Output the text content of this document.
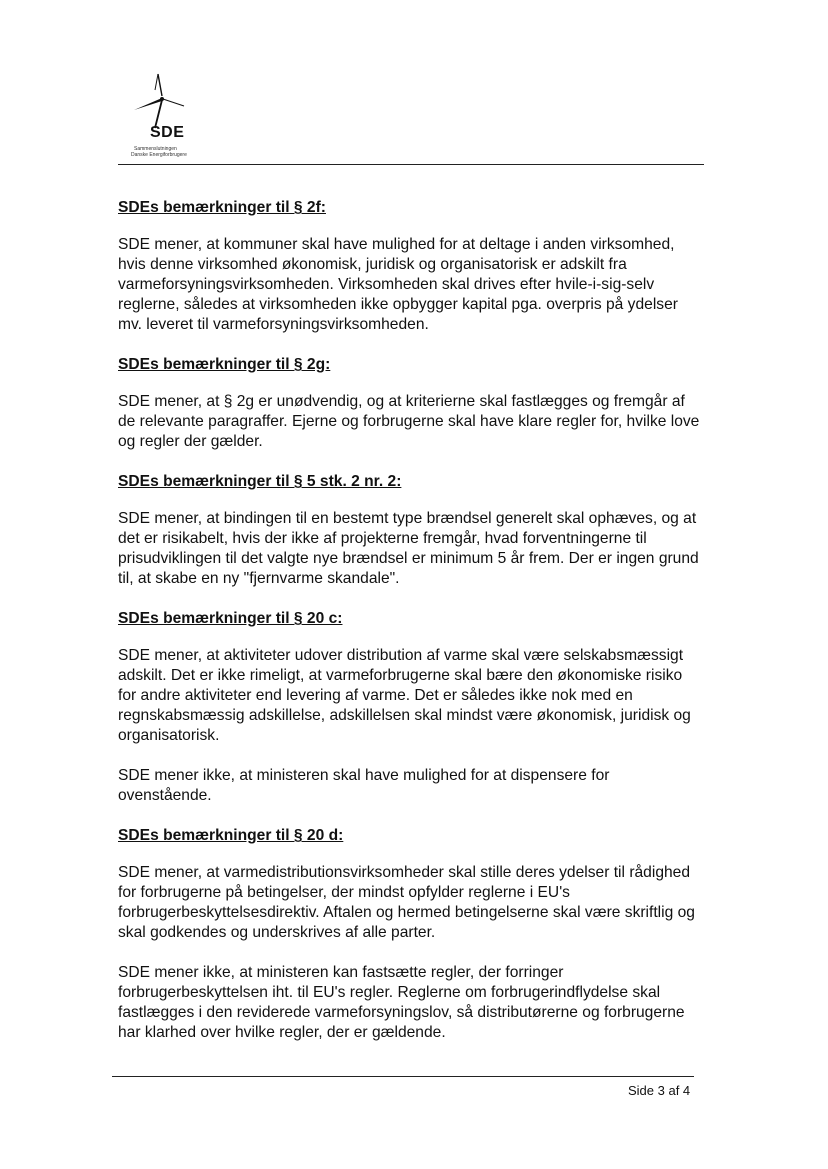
SDE
Sammenslutningen
Danske Energiforbrugere
SDEs bemærkninger til § 2f:

SDE mener, at kommuner skal have mulighed for at deltage i anden virksomhed, hvis denne virksomhed økonomisk, juridisk og organisatorisk er adskilt fra varmeforsyningsvirksomheden. Virksomheden skal drives efter hvile-i-sig-selv reglerne, således at virksomheden ikke opbygger kapital pga. overpris på ydelser mv. leveret til varmeforsyningsvirksomheden.

SDEs bemærkninger til § 2g:

SDE mener, at § 2g er unødvendig, og at kriterierne skal fastlægges og fremgår af de relevante paragraffer. Ejerne og forbrugerne skal have klare regler for, hvilke love og regler der gælder.

SDEs bemærkninger til § 5 stk. 2 nr. 2:

SDE mener, at bindingen til en bestemt type brændsel generelt skal ophæves, og at det er risikabelt, hvis der ikke af projekterne fremgår, hvad forventningerne til prisudviklingen til det valgte nye brændsel er minimum 5 år frem. Der er ingen grund til, at skabe en ny "fjernvarme skandale".

SDEs bemærkninger til § 20 c:

SDE mener, at aktiviteter udover distribution af varme skal være selskabsmæssigt adskilt. Det er ikke rimeligt, at varmeforbrugerne skal bære den økonomiske risiko for andre aktiviteter end levering af varme. Det er således ikke nok med en regnskabsmæssig adskillelse, adskillelsen skal mindst være økonomisk, juridisk og organisatorisk.

SDE mener ikke, at ministeren skal have mulighed for at dispensere for ovenstående.

SDEs bemærkninger til § 20 d:

SDE mener, at varmedistributionsvirksomheder skal stille deres ydelser til rådighed for forbrugerne på betingelser, der mindst opfylder reglerne i EU's forbrugerbeskyttelsesdirektiv. Aftalen og hermed betingelserne skal være skriftlig og skal godkendes og underskrives af alle parter.

SDE mener ikke, at ministeren kan fastsætte regler, der forringer forbrugerbeskyttelsen iht. til EU's regler. Reglerne om forbrugerindflydelse skal fastlægges i den reviderede varmeforsyningslov, så distributørerne og forbrugerne har klarhed over hvilke regler, der er gældende.

Side 3 af 4
